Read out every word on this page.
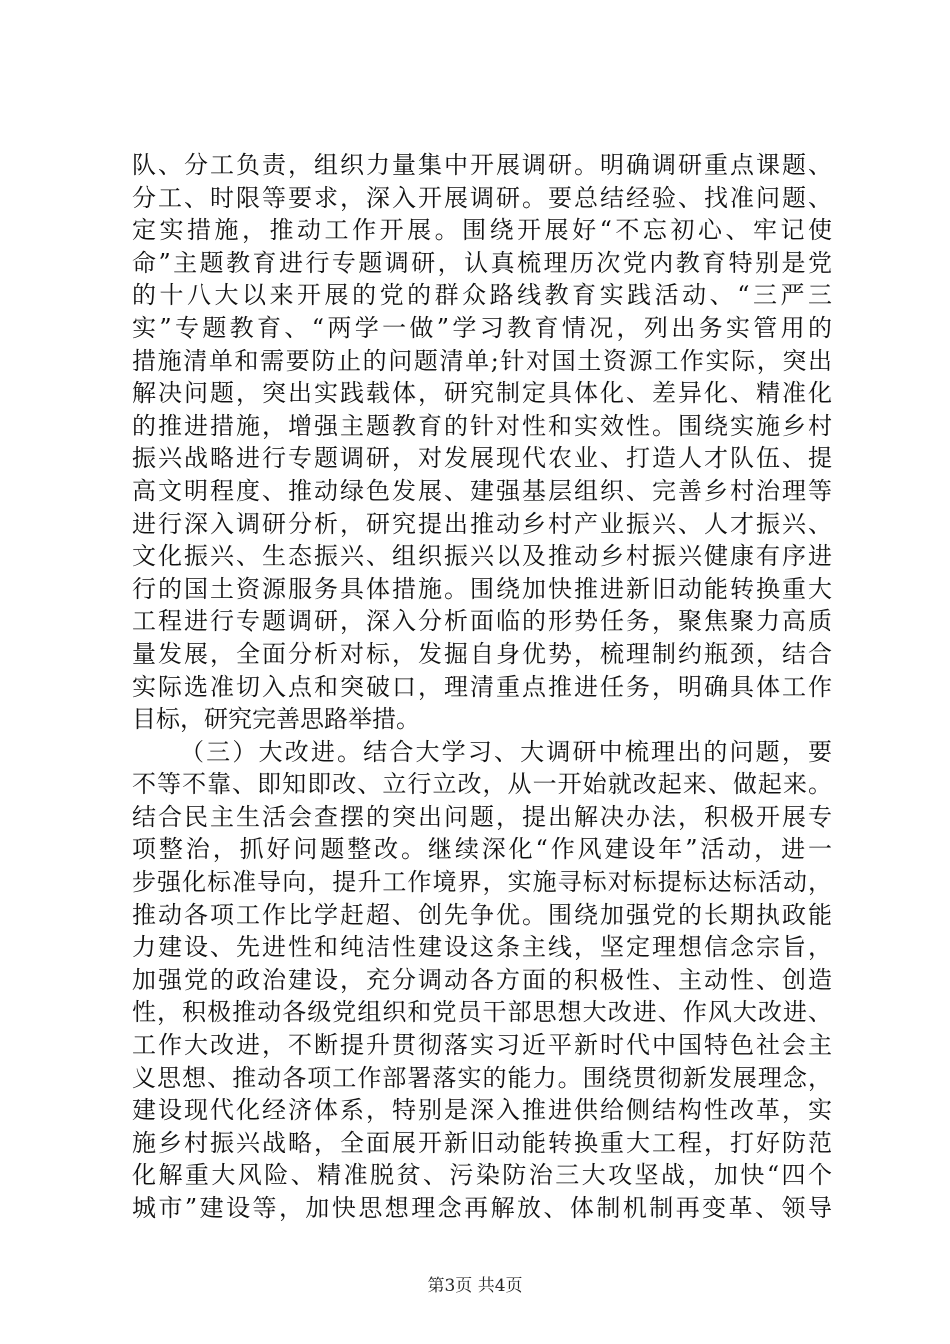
队、分工负责，组织力量集中开展调研。明确调研重点课题、
分工、时限等要求，深入开展调研。要总结经验、找准问题、
定实措施，推动工作开展。围绕开展好“不忘初心、牢记使
命”主题教育进行专题调研，认真梳理历次党内教育特别是党
的十八大以来开展的党的群众路线教育实践活动、“三严三
实”专题教育、“两学一做”学习教育情况，列出务实管用的
措施清单和需要防止的问题清单;针对国土资源工作实际，突出
解决问题，突出实践载体，研究制定具体化、差异化、精准化
的推进措施，增强主题教育的针对性和实效性。围绕实施乡村
振兴战略进行专题调研，对发展现代农业、打造人才队伍、提
高文明程度、推动绿色发展、建强基层组织、完善乡村治理等
进行深入调研分析，研究提出推动乡村产业振兴、人才振兴、
文化振兴、生态振兴、组织振兴以及推动乡村振兴健康有序进
行的国土资源服务具体措施。围绕加快推进新旧动能转换重大
工程进行专题调研，深入分析面临的形势任务，聚焦聚力高质
量发展，全面分析对标，发掘自身优势，梳理制约瓶颈，结合
实际选准切入点和突破口，理清重点推进任务，明确具体工作
目标，研究完善思路举措。
（三）大改进。结合大学习、大调研中梳理出的问题，要
不等不靠、即知即改、立行立改，从一开始就改起来、做起来。
结合民主生活会查摆的突出问题，提出解决办法，积极开展专
项整治，抓好问题整改。继续深化“作风建设年”活动，进一
步强化标准导向，提升工作境界，实施寻标对标提标达标活动，
推动各项工作比学赶超、创先争优。围绕加强党的长期执政能
力建设、先进性和纯洁性建设这条主线，坚定理想信念宗旨，
加强党的政治建设，充分调动各方面的积极性、主动性、创造
性，积极推动各级党组织和党员干部思想大改进、作风大改进、
工作大改进，不断提升贯彻落实习近平新时代中国特色社会主
义思想、推动各项工作部署落实的能力。围绕贯彻新发展理念，
建设现代化经济体系，特别是深入推进供给侧结构性改革，实
施乡村振兴战略，全面展开新旧动能转换重大工程，打好防范
化解重大风险、精准脱贫、污染防治三大攻坚战，加快“四个
城市”建设等，加快思想理念再解放、体制机制再变革、领导
第3页 共4页
